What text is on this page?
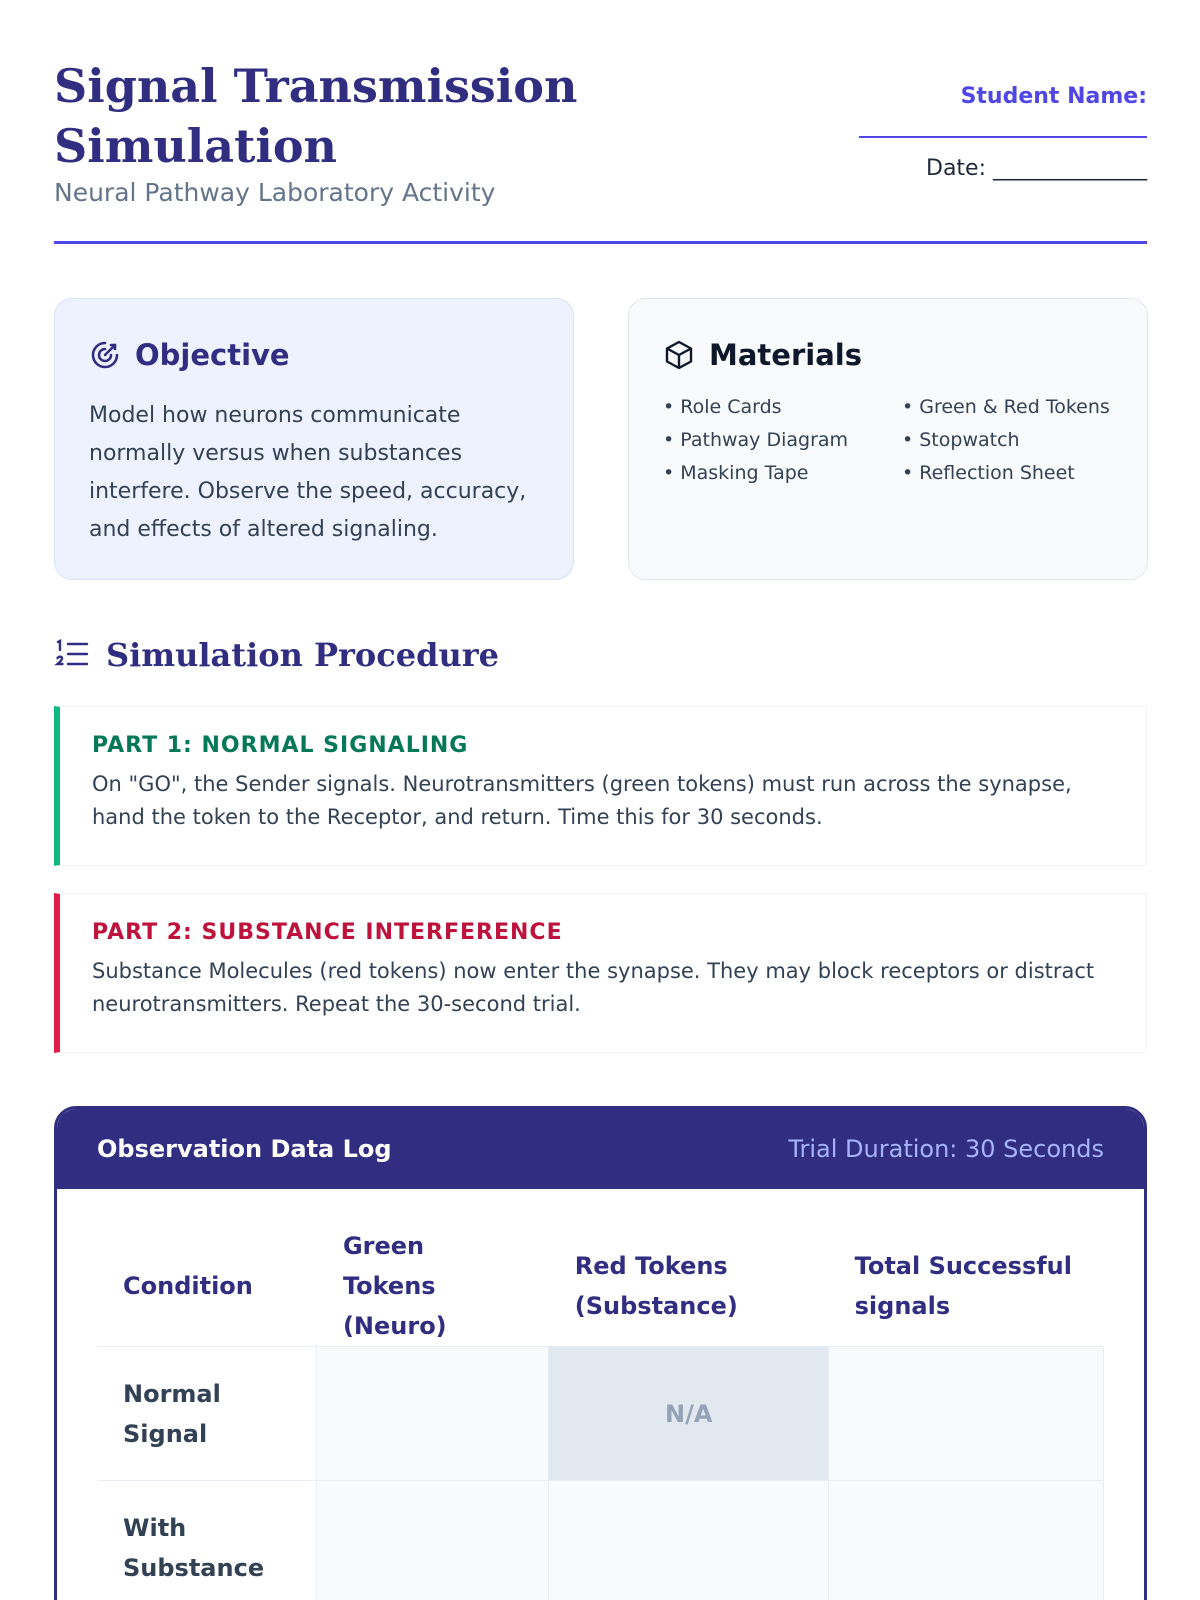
Signal Transmission Simulation
Neural Pathway Laboratory Activity
Student Name:
Date: ______________
Objective
Model how neurons communicate normally versus when substances interfere. Observe the speed, accuracy, and effects of altered signaling.
Materials
• Role Cards	• Green & Red Tokens
• Pathway Diagram	• Stopwatch
• Masking Tape	• Reflection Sheet
Simulation Procedure
PART 1: NORMAL SIGNALING
On "GO", the Sender signals. Neurotransmitters (green tokens) must run across the synapse, hand the token to the Receptor, and return. Time this for 30 seconds.
PART 2: SUBSTANCE INTERFERENCE
Substance Molecules (red tokens) now enter the synapse. They may block receptors or distract neurotransmitters. Repeat the 30-second trial.
Observation Data Log	Trial Duration: 30 Seconds
Condition	Green Tokens (Neuro)	Red Tokens (Substance)	Total Successful signals
Normal Signal		N/A	
With Substance			
